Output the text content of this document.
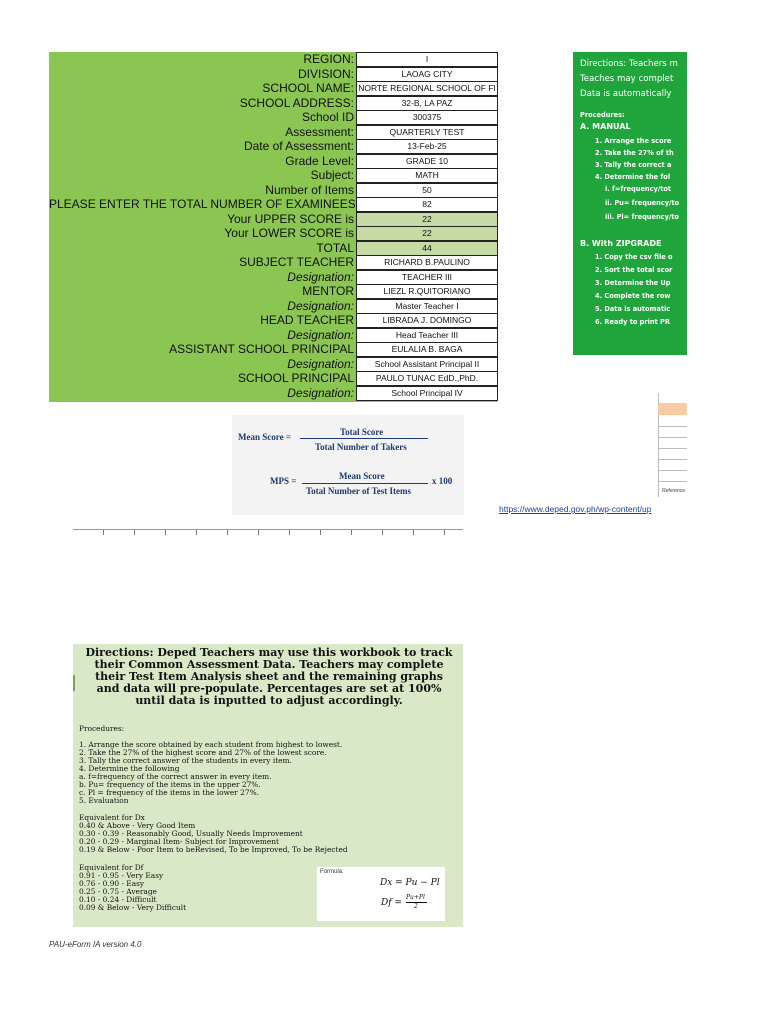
REGION:	I
DIVISION:	LAOAG CITY
SCHOOL NAME: NORTE REGIONAL SCHOOL OF FI
SCHOOL ADDRESS:	32-B, LA PAZ
School ID	300375
Assessment:	QUARTERLY TEST
Date of Assessment:	13-Feb-25
Grade Level:	GRADE 10
Subject:	MATH
Number of Items	50
PLEASE ENTER THE TOTAL NUMBER OF EXAMINEES	82
Your UPPER SCORE is	22
Your LOWER SCORE is	22
TOTAL	44
SUBJECT TEACHER	RICHARD B.PAULINO
Designation:	TEACHER III
MENTOR	LIEZL R.QUITORIANO
Designation:	Master Teacher I
HEAD TEACHER	LIBRADA J. DOMINGO
Designation:	Head Teacher III
ASSISTANT SCHOOL PRINCIPAL	EULALIA B. BAGA
Designation:	School Assistant Principal II
SCHOOL PRINCIPAL	PAULO TUNAC EdD.,PhD.
Designation:	School Principal IV
Mean Score =	Total Score
Total Number of Takers
MPS =	Mean Score
Total Number of Test Items
x 100
Directions: Teachers m
Teaches may complet
Data is automatically
Procedures:
A. MANUAL
1. Arrange the score
2. Take the 27% of th
3. Tally the correct a
4. Determine the fol
i. f=frequency/tot
ii. Pu= frequency/to
iii. Pl= frequency/to
B. With ZIPGRADE
1. Copy the csv file o
2. Sort the total scor
3. Determine the Up
4. Complete the row
5. Data is automatic
6. Ready to print PR
Reference
https://www.deped.gov.ph/wp-content/up
Directions: Deped Teachers may use this workbook to track
their Common Assessment Data. Teachers may complete
their Test Item Analysis sheet and the remaining graphs
and data will pre-populate. Percentages are set at 100%
until data is inputted to adjust accordingly.
Procedures:
1. Arrange the score obtained by each student from highest to lowest.
2. Take the 27% of the highest score and 27% of the lowest score.
3. Tally the correct answer of the students in every item.
4. Determine the following
a. f=frequency of the correct answer in every item.
b. Pu= frequency of the items in the upper 27%.
c. Pl = frequency of the items in the lower 27%.
5. Evaluation
Equivalent for Dx
0.40 & Above - Very Good Item
0.30 - 0.39 - Reasonably Good, Usually Needs Improvement
0.20 - 0.29 - Marginal Item- Subject for Improvement
0.19 & Below - Poor Item to beRevised, To be Improved, To be Rejected
Equivalent for Df
0.91 - 0.95 - Very Easy
0.76 - 0.90 - Easy
0.25 - 0.75 - Average
0.10 - 0.24 - Difficult
0.09 & Below - Very Difficult
Formula:
Dx = Pu − Pl
Df =
Pu+Pl
2
PAU-eForm IA version 4.0
